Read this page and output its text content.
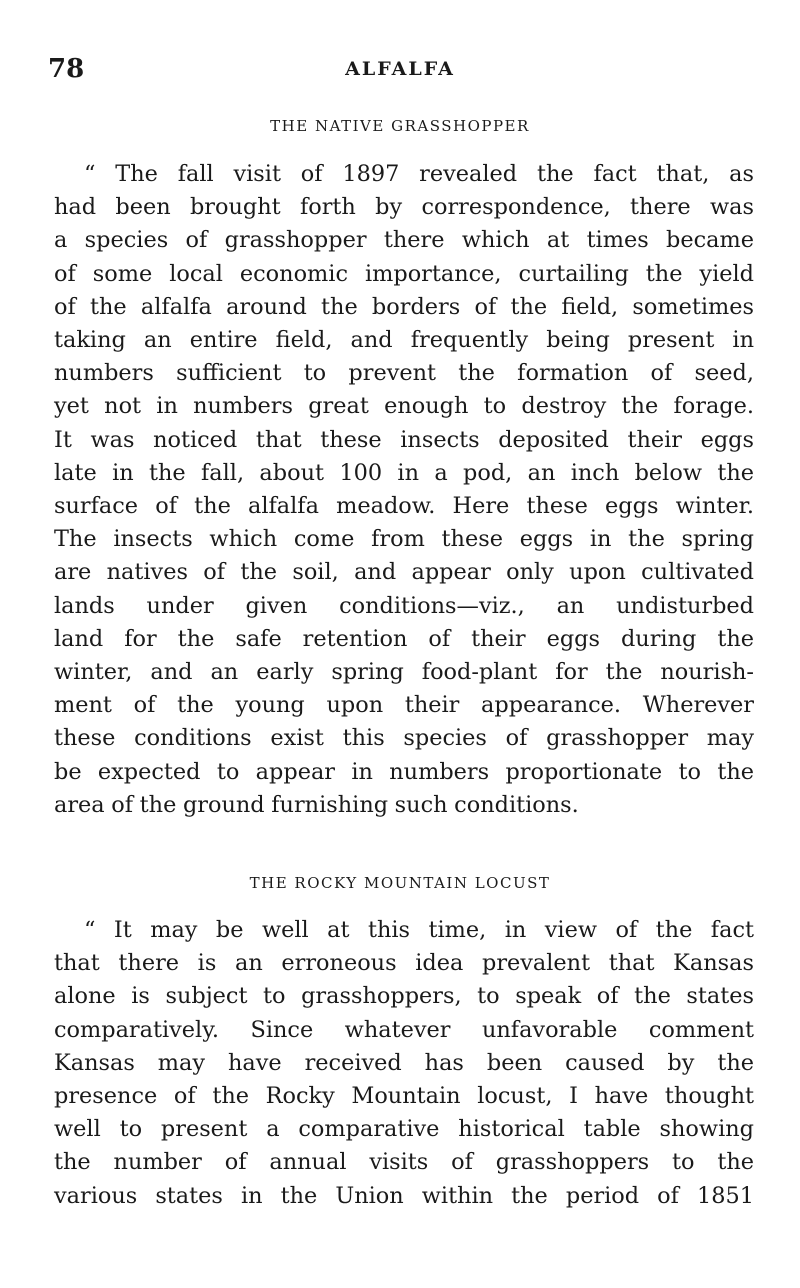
78	ALFALFA
THE NATIVE GRASSHOPPER

“ The fall visit of 1897 revealed the fact that, as
had been brought forth by correspondence, there was
a species of grasshopper there which at times became
of some local economic importance, curtailing the yield
of the alfalfa around the borders of the field, sometimes
taking an entire field, and frequently being present in
numbers sufficient to prevent the formation of seed,
yet not in numbers great enough to destroy the forage.
It was noticed that these insects deposited their eggs
late in the fall, about 100 in a pod, an inch below the
surface of the alfalfa meadow. Here these eggs winter.
The insects which come from these eggs in the spring
are natives of the soil, and appear only upon cultivated
lands under given conditions—viz., an undisturbed
land for the safe retention of their eggs during the
winter, and an early spring food-plant for the nourish-
ment of the young upon their appearance. Wherever
these conditions exist this species of grasshopper may
be expected to appear in numbers proportionate to the
area of the ground furnishing such conditions.

THE ROCKY MOUNTAIN LOCUST

“ It may be well at this time, in view of the fact
that there is an erroneous idea prevalent that Kansas
alone is subject to grasshoppers, to speak of the states
comparatively. Since whatever unfavorable comment
Kansas may have received has been caused by the
presence of the Rocky Mountain locust, I have thought
well to present a comparative historical table showing
the number of annual visits of grasshoppers to the
various states in the Union within the period of 1851
